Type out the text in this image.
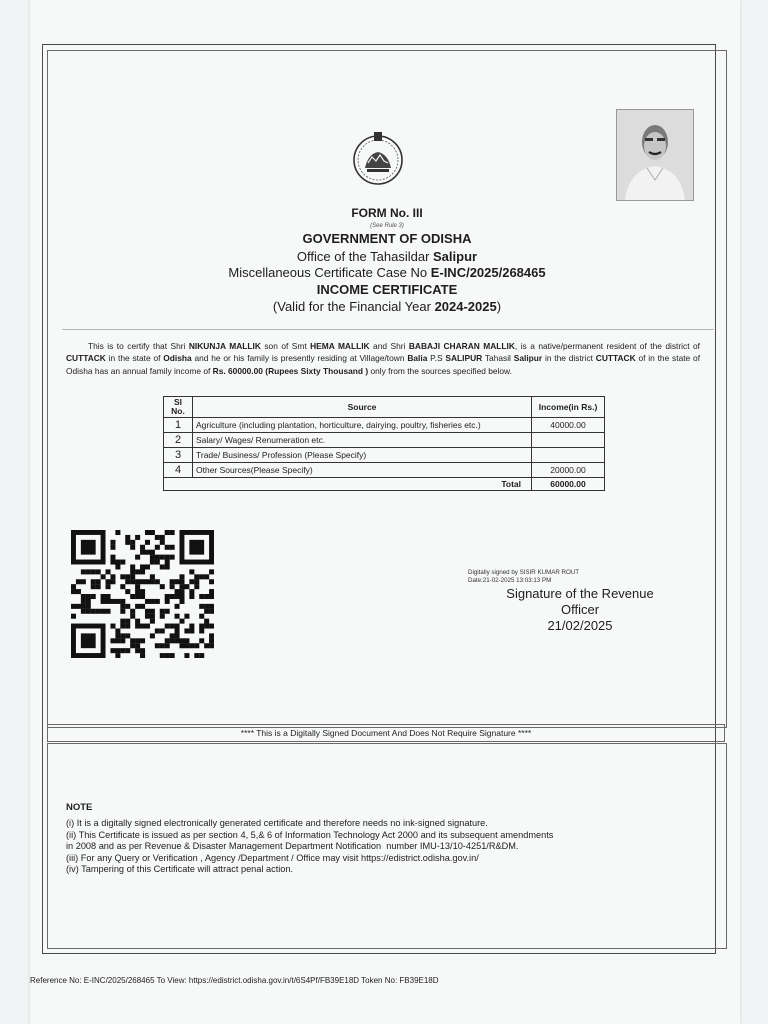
FORM No. III
(See Rule 3)
GOVERNMENT OF ODISHA
Office of the Tahasildar Salipur
Miscellaneous Certificate Case No E-INC/2025/268465
INCOME CERTIFICATE
(Valid for the Financial Year 2024-2025)
This is to certify that Shri NIKUNJA MALLIK son of Smt HEMA MALLIK and Shri BABAJI CHARAN MALLIK, is a native/permanent resident of the district of CUTTACK in the state of Odisha and he or his family is presently residing at Village/town Balia P.S SALIPUR Tahasil Salipur in the district CUTTACK of in the state of Odisha has an annual family income of Rs. 60000.00 (Rupees Sixty Thousand ) only from the sources specified below.
Sl No.	Source	Income(in Rs.)
1	Agriculture (including plantation, horticulture, dairying, poultry, fisheries etc.)	40000.00
2	Salary/ Wages/ Renumeration etc.	
3	Trade/ Business/ Profession (Please Specify)	
4	Other Sources(Please Specify)	20000.00
Total		60000.00
Digitally signed by SISIR KUMAR ROUT
Date:21-02-2025 13:03:13 PM
Signature of the Revenue
Officer
21/02/2025
**** This is a Digitally Signed Document And Does Not Require Signature ****
NOTE
(i) It is a digitally signed electronically generated certificate and therefore needs no ink-signed signature.
(ii) This Certificate is issued as per section 4, 5,& 6 of Information Technology Act 2000 and its subsequent amendments
in 2008 and as per Revenue & Disaster Management Department Notification  number IMU-13/10-4251/R&DM.
(iii) For any Query or Verification , Agency /Department / Office may visit https://edistrict.odisha.gov.in/
(iv) Tampering of this Certificate will attract penal action.
Reference No: E-INC/2025/268465 To View: https://edistrict.odisha.gov.in/t/6S4Pf/FB39E18D Token No: FB39E18D
